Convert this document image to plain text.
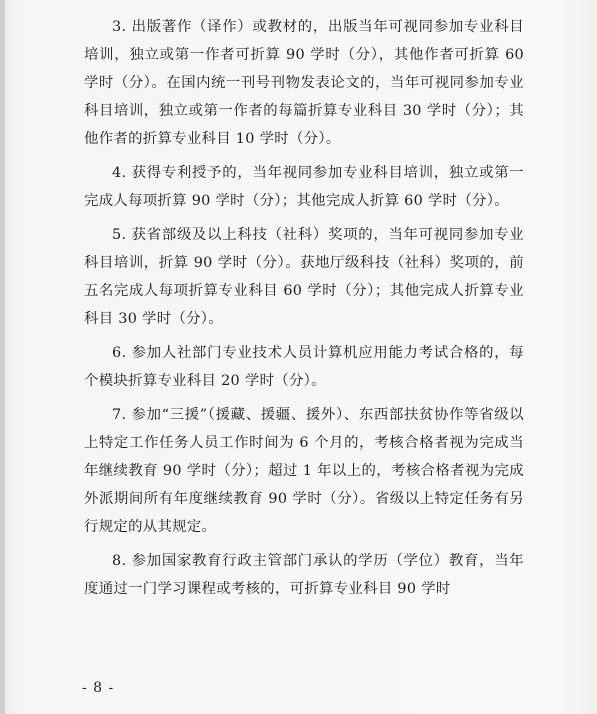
3. 出版著作（译作）或教材的，出版当年可视同参加专业科目培训，独立或第一作者可折算 90 学时（分），其他作者可折算 60 学时（分）。在国内统一刊号刊物发表论文的，当年可视同参加专业科目培训，独立或第一作者的每篇折算专业科目 30 学时（分）；其他作者的折算专业科目 10 学时（分）。

4. 获得专利授予的，当年视同参加专业科目培训，独立或第一完成人每项折算 90 学时（分）；其他完成人折算 60 学时（分）。

5. 获省部级及以上科技（社科）奖项的，当年可视同参加专业科目培训，折算 90 学时（分）。获地厅级科技（社科）奖项的，前五名完成人每项折算专业科目 60 学时（分）；其他完成人折算专业科目 30 学时（分）。

6. 参加人社部门专业技术人员计算机应用能力考试合格的，每个模块折算专业科目 20 学时（分）。

7. 参加“三援”（援藏、援疆、援外）、东西部扶贫协作等省级以上特定工作任务人员工作时间为 6 个月的，考核合格者视为完成当年继续教育 90 学时（分）；超过 1 年以上的，考核合格者视为完成外派期间所有年度继续教育 90 学时（分）。省级以上特定任务有另行规定的从其规定。

8. 参加国家教育行政主管部门承认的学历（学位）教育，当年度通过一门学习课程或考核的，可折算专业科目 90 学时

- 8 -
